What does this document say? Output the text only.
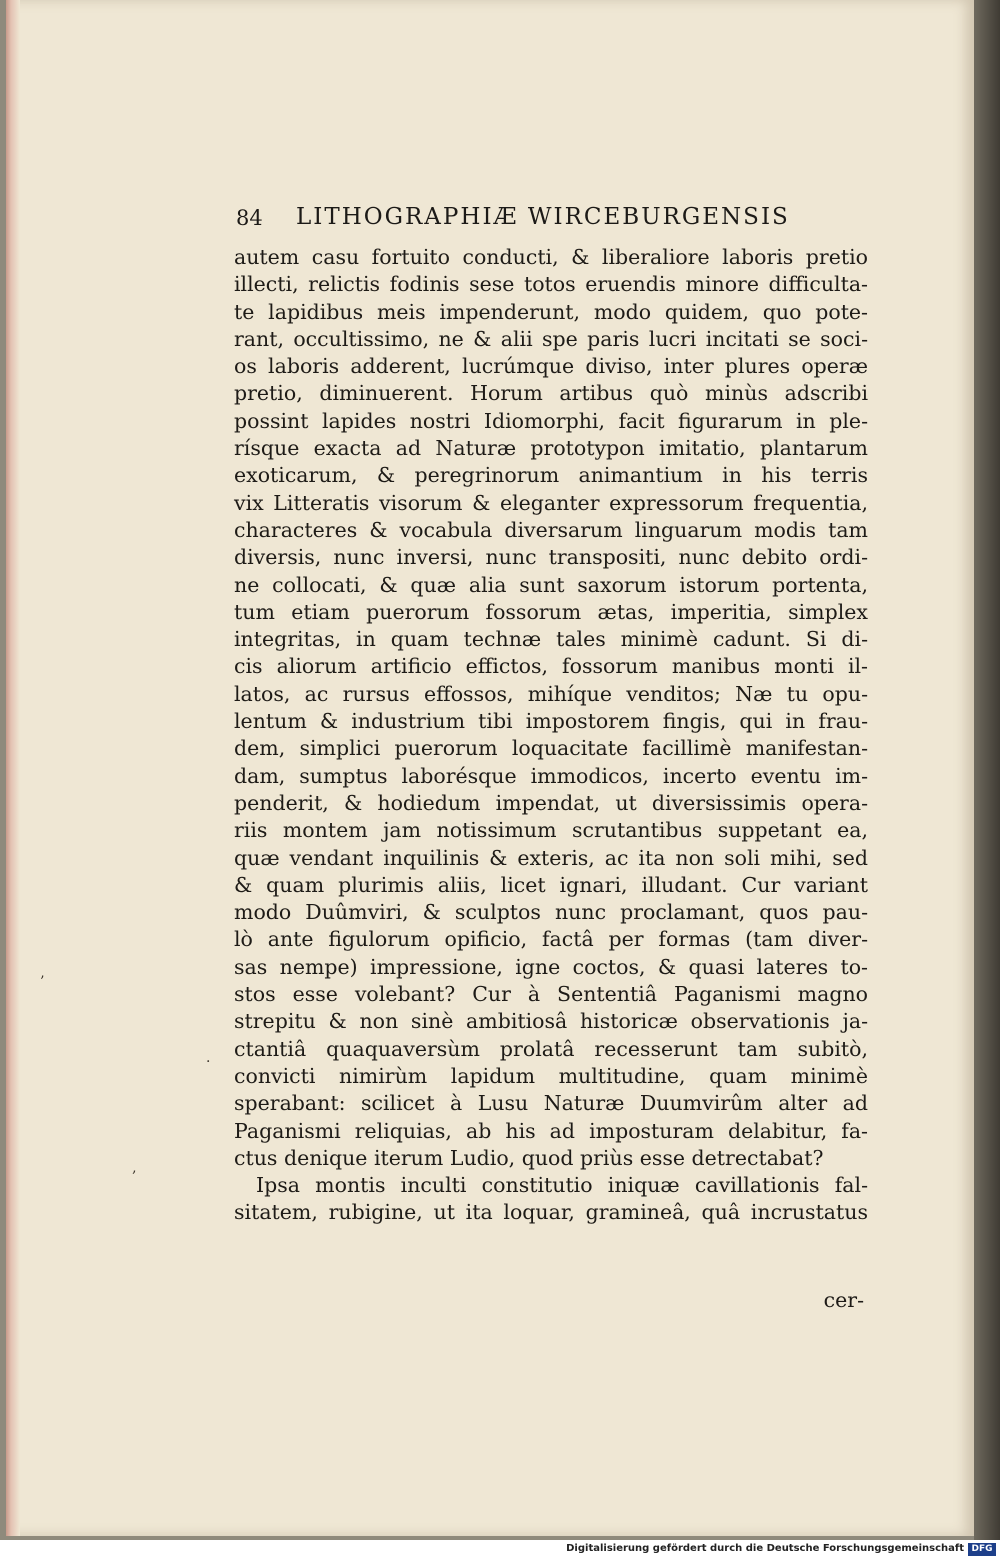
84 LITHOGRAPHIÆ WIRCEBURGENSIS
autem casu fortuito conducti, & liberaliore laboris pretio
illecti, relictis fodinis sese totos eruendis minore difficulta-
te lapidibus meis impenderunt, modo quidem, quo pote-
rant, occultissimo, ne & alii spe paris lucri incitati se soci-
os laboris adderent, lucrúmque diviso, inter plures operæ
pretio, diminuerent. Horum artibus quò minùs adscribi
possint lapides nostri Idiomorphi, facit figurarum in ple-
rísque exacta ad Naturæ prototypon imitatio, plantarum
exoticarum, & peregrinorum animantium in his terris
vix Litteratis visorum & eleganter expressorum frequentia,
characteres & vocabula diversarum linguarum modis tam
diversis, nunc inversi, nunc transpositi, nunc debito ordi-
ne collocati, & quæ alia sunt saxorum istorum portenta,
tum etiam puerorum fossorum ætas, imperitia, simplex
integritas, in quam technæ tales minimè cadunt. Si di-
cis aliorum artificio effictos, fossorum manibus monti il-
latos, ac rursus effossos, mihíque venditos; Næ tu opu-
lentum & industrium tibi impostorem fingis, qui in frau-
dem, simplici puerorum loquacitate facillimè manifestan-
dam, sumptus laborésque immodicos, incerto eventu im-
penderit, & hodiedum impendat, ut diversissimis opera-
riis montem jam notissimum scrutantibus suppetant ea,
quæ vendant inquilinis & exteris, ac ita non soli mihi, sed
& quam plurimis aliis, licet ignari, illudant. Cur variant
modo Duûmviri, & sculptos nunc proclamant, quos pau-
lò ante figulorum opificio, factâ per formas (tam diver-
sas nempe) impressione, igne coctos, & quasi lateres to-
stos esse volebant? Cur à Sententiâ Paganismi magno
strepitu & non sinè ambitiosâ historicæ observationis ja-
ctantiâ quaquaversùm prolatâ recesserunt tam subitò,
convicti nimirùm lapidum multitudine, quam minimè
sperabant: scilicet à Lusu Naturæ Duumvirûm alter ad
Paganismi reliquias, ab his ad imposturam delabitur, fa-
ctus denique iterum Ludio, quod priùs esse detrectabat?
Ipsa montis inculti constitutio iniquæ cavillationis fal-
sitatem, rubigine, ut ita loquar, gramineâ, quâ incrustatus
cer-
’
·
‚
Digitalisierung gefördert durch die Deutsche Forschungsgemeinschaft DFG
